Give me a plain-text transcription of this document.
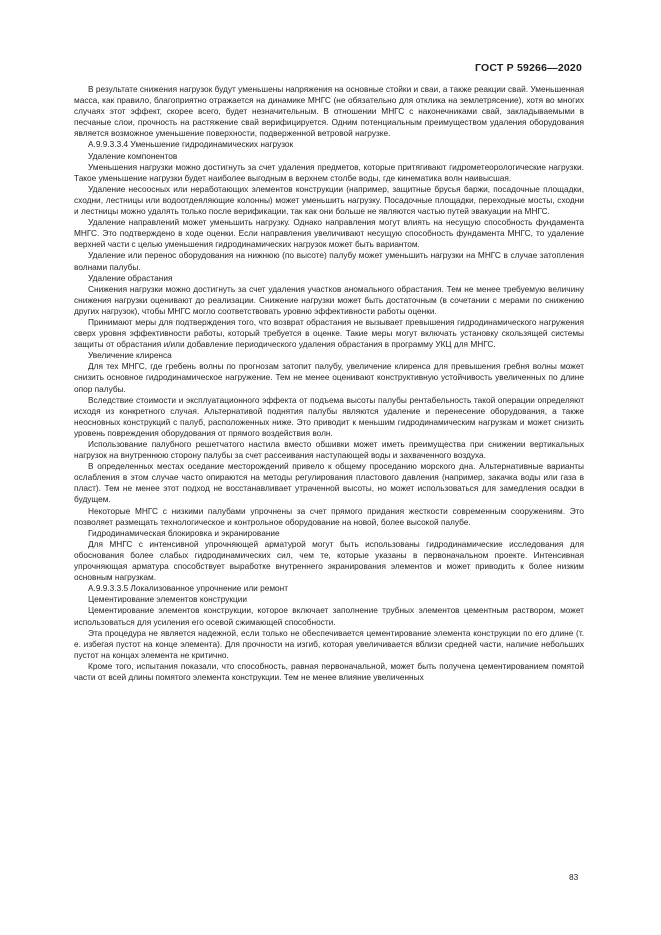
ГОСТ Р 59266—2020

В результате снижения нагрузок будут уменьшены напряжения на основные стойки и сваи, а также реакции свай. Уменьшенная масса, как правило, благоприятно отражается на динамике МНГС (не обязательно для отклика на землетрясение), хотя во многих случаях этот эффект, скорее всего, будет незначительным. В отношении МНГС с наконечниками свай, закладываемыми в песчаные слои, прочность на растяжение свай верифицируется. Одним потенциальным преимуществом удаления оборудования является возможное уменьшение поверхности, подверженной ветровой нагрузке.

А.9.9.3.3.4 Уменьшение гидродинамических нагрузок

Удаление компонентов

Уменьшения нагрузки можно достигнуть за счет удаления предметов, которые притягивают гидрометеорологические нагрузки. Такое уменьшение нагрузки будет наиболее выгодным в верхнем столбе воды, где кинематика волн наивысшая.

Удаление несоосных или неработающих элементов конструкции (например, защитные брусья баржи, посадочные площадки, сходни, лестницы или водоотдеяляющие колонны) может уменьшить нагрузку. Посадочные площадки, переходные мосты, сходни и лестницы можно удалять только после верификации, так как они больше не являются частью путей эвакуации на МНГС.

Удаление направлений может уменьшить нагрузку. Однако направления могут влиять на несущую способность фундамента МНГС. Это подтверждено в ходе оценки. Если направления увеличивают несущую способность фундамента МНГС, то удаление верхней части с целью уменьшения гидродинамических нагрузок может быть вариантом.

Удаление или перенос оборудования на нижнюю (по высоте) палубу может уменьшить нагрузки на МНГС в случае затопления волнами палубы.

Удаление обрастания

Снижения нагрузки можно достигнуть за счет удаления участков аномального обрастания. Тем не менее требуемую величину снижения нагрузки оценивают до реализации. Снижение нагрузки может быть достаточным (в сочетании с мерами по снижению других нагрузок), чтобы МНГС могло соответствовать уровню эффективности работы оценки.

Принимают меры для подтверждения того, что возврат обрастания не вызывает превышения гидродинамического нагружения сверх уровня эффективности работы, который требуется в оценке. Такие меры могут включать установку скользящей системы защиты от обрастания и/или добавление периодического удаления обрастания в программу УКЦ для МНГС.

Увеличение клиренса

Для тех МНГС, где гребень волны по прогнозам затопит палубу, увеличение клиренса для превышения гребня волны может снизить основное гидродинамическое нагружение. Тем не менее оценивают конструктивную устойчивость увеличенных по длине опор палубы.

Вследствие стоимости и эксплуатационного эффекта от подъема высоты палубы рентабельность такой операции определяют исходя из конкретного случая. Альтернативой поднятия палубы являются удаление и перенесение оборудования, а также неосновных конструкций с палуб, расположенных ниже. Это приводит к меньшим гидродинамическим нагрузкам и может снизить уровень повреждения оборудования от прямого воздействия волн.

Использование палубного решетчатого настила вместо обшивки может иметь преимущества при снижении вертикальных нагрузок на внутреннюю сторону палубы за счет рассеивания наступающей воды и захваченного воздуха.

В определенных местах оседание месторождений привело к общему проседанию морского дна. Альтернативные варианты ослабления в этом случае часто опираются на методы регулирования пластового давления (например, закачка воды или газа в пласт). Тем не менее этот подход не восстанавливает утраченной высоты, но может использоваться для замедления осадки в будущем.

Некоторые МНГС с низкими палубами упрочнены за счет прямого придания жесткости современным сооружениям. Это позволяет размещать технологическое и контрольное оборудование на новой, более высокой палубе.

Гидродинамическая блокировка и экранирование

Для МНГС с интенсивной упрочняющей арматурой могут быть использованы гидродинамические исследования для обоснования более слабых гидродинамических сил, чем те, которые указаны в первоначальном проекте. Интенсивная упрочняющая арматура способствует выработке внутреннего экранирования элементов и может приводить к более низким основным нагрузкам.

А.9.9.3.3.5 Локализованное упрочнение или ремонт

Цементирование элементов конструкции

Цементирование элементов конструкции, которое включает заполнение трубных элементов цементным раствором, может использоваться для усиления его осевой сжимающей способности.

Эта процедура не является надежной, если только не обеспечивается цементирование элемента конструкции по его длине (т. е. избегая пустот на конце элемента). Для прочности на изгиб, которая увеличивается вблизи средней части, наличие небольших пустот на концах элемента не критично.

Кроме того, испытания показали, что способность, равная первоначальной, может быть получена цементированием помятой части от всей длины помятого элемента конструкции. Тем не менее влияние увеличенных

83
